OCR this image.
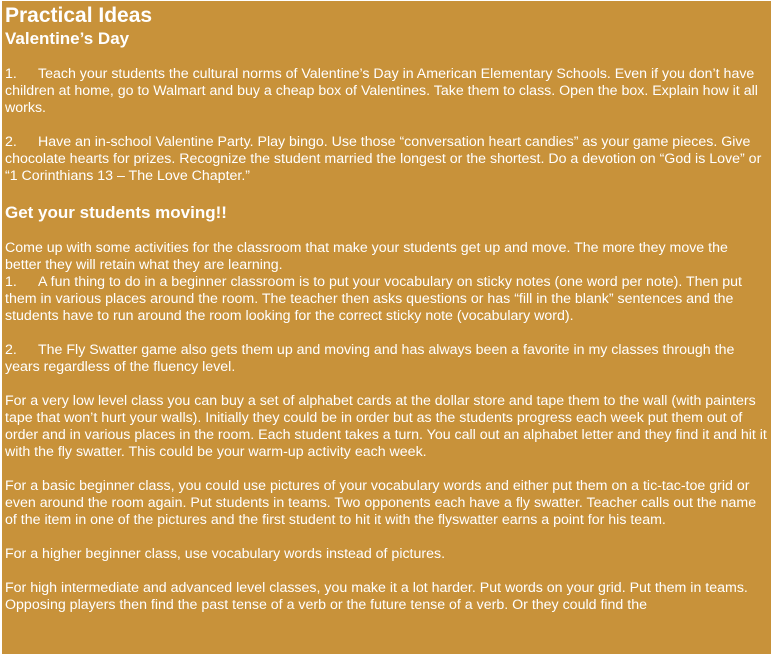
Practical Ideas
Valentine’s Day

1. Teach your students the cultural norms of Valentine’s Day in American Elementary Schools. Even if you don’t have children at home, go to Walmart and buy a cheap box of Valentines. Take them to class. Open the box. Explain how it all works.

2. Have an in-school Valentine Party. Play bingo. Use those “conversation heart candies” as your game pieces. Give chocolate hearts for prizes. Recognize the student married the longest or the shortest. Do a devotion on “God is Love” or “1 Corinthians 13 – The Love Chapter.”

Get your students moving!!

Come up with some activities for the classroom that make your students get up and move. The more they move the better they will retain what they are learning.

1. A fun thing to do in a beginner classroom is to put your vocabulary on sticky notes (one word per note). Then put them in various places around the room. The teacher then asks questions or has “fill in the blank” sentences and the students have to run around the room looking for the correct sticky note (vocabulary word).

2. The Fly Swatter game also gets them up and moving and has always been a favorite in my classes through the years regardless of the fluency level.

For a very low level class you can buy a set of alphabet cards at the dollar store and tape them to the wall (with painters tape that won’t hurt your walls). Initially they could be in order but as the students progress each week put them out of order and in various places in the room. Each student takes a turn. You call out an alphabet letter and they find it and hit it with the fly swatter. This could be your warm-up activity each week.

For a basic beginner class, you could use pictures of your vocabulary words and either put them on a tic-tac-toe grid or even around the room again. Put students in teams. Two opponents each have a fly swatter. Teacher calls out the name of the item in one of the pictures and the first student to hit it with the flyswatter earns a point for his team.

For a higher beginner class, use vocabulary words instead of pictures.

For high intermediate and advanced level classes, you make it a lot harder. Put words on your grid. Put them in teams. Opposing players then find the past tense of a verb or the future tense of a verb. Or they could find the
